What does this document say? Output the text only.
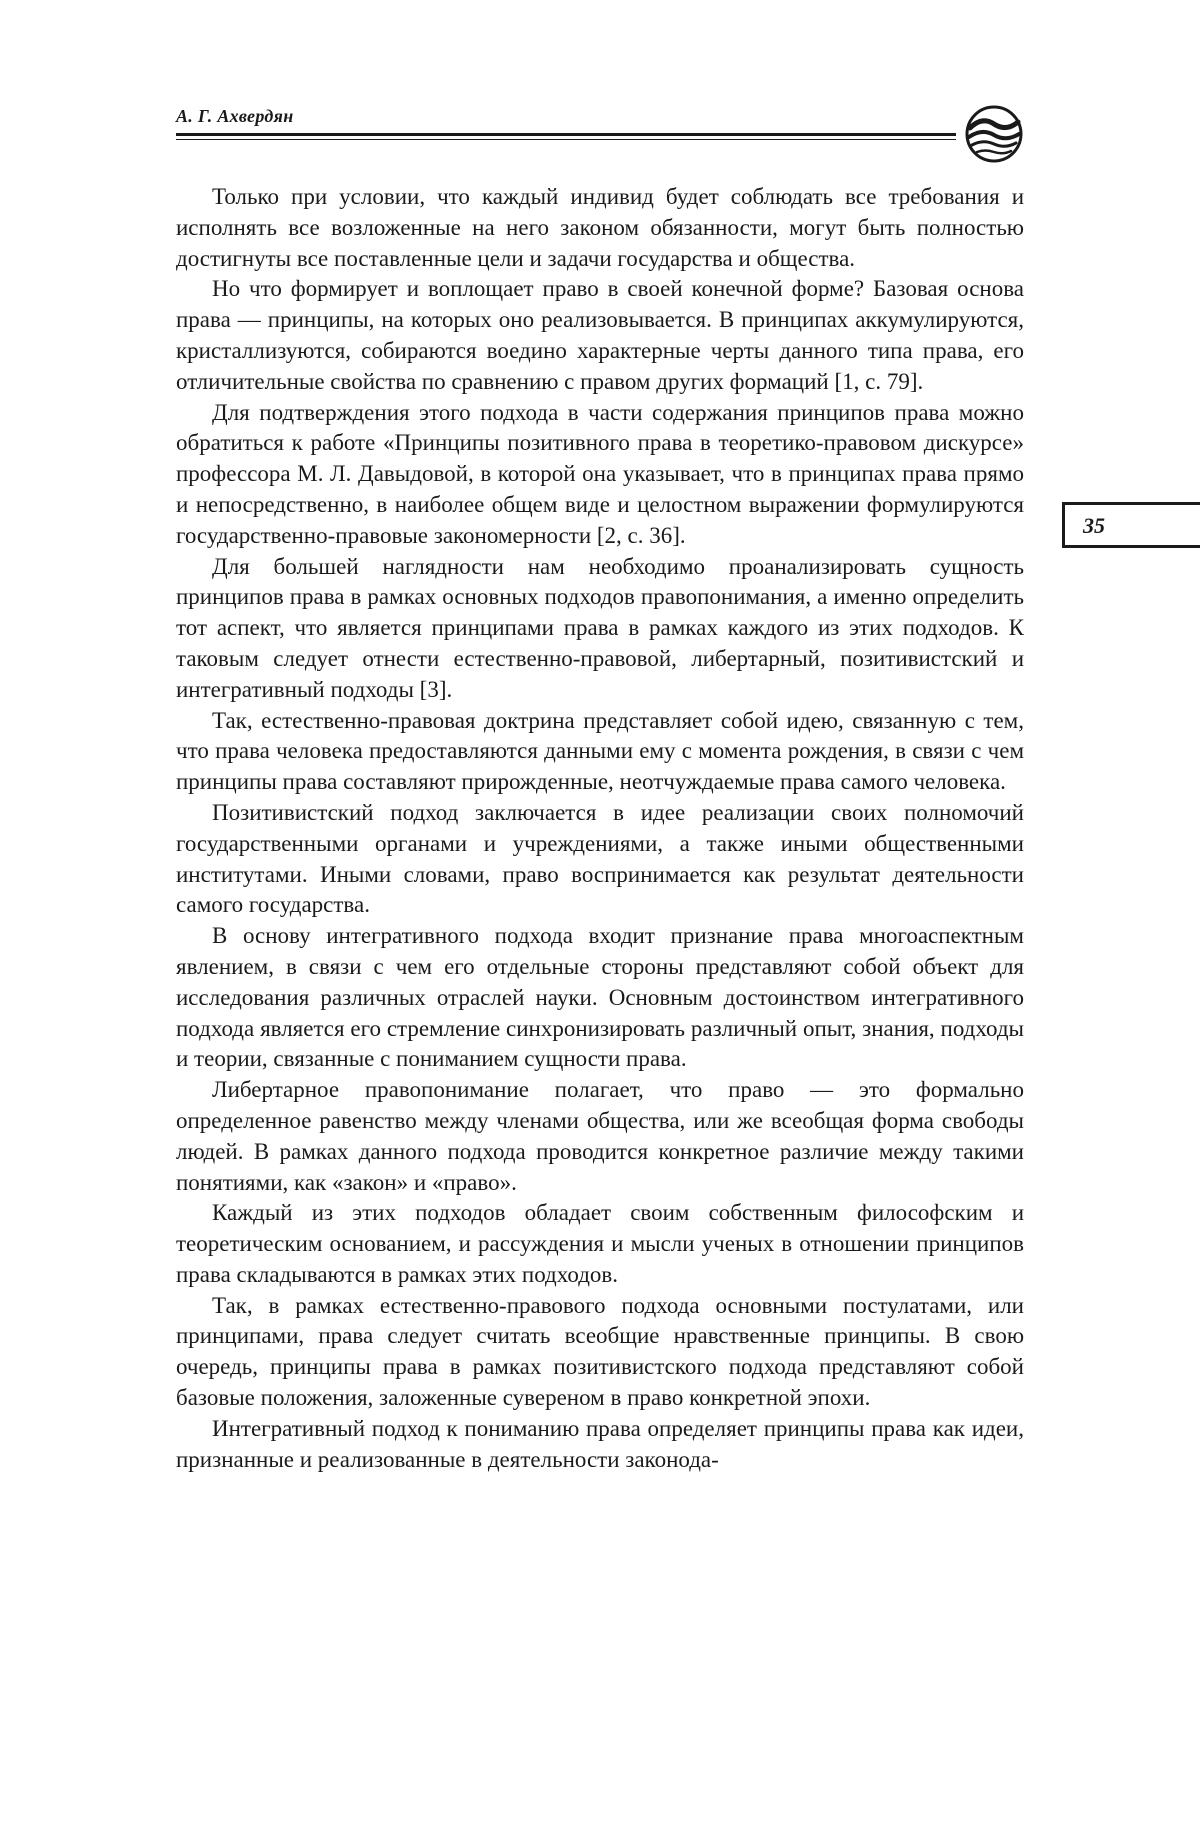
А. Г. Ахвердян
35

Только при условии, что каждый индивид будет соблюдать все требования и исполнять все возложенные на него законом обязанности, могут быть полностью достигнуты все поставленные цели и задачи государства и общества.

Но что формирует и воплощает право в своей конечной форме? Базовая основа права — принципы, на которых оно реализовывается. В принципах аккумулируются, кристаллизуются, собираются воедино характерные черты данного типа права, его отличительные свойства по сравнению с правом других формаций [1, с. 79].

Для подтверждения этого подхода в части содержания принципов права можно обратиться к работе «Принципы позитивного права в теоретико-правовом дискурсе» профессора М. Л. Давыдовой, в которой она указывает, что в принципах права прямо и непосредственно, в наиболее общем виде и целостном выражении формулируются государственно-правовые закономерности [2, с. 36].

Для большей наглядности нам необходимо проанализировать сущность принципов права в рамках основных подходов правопонимания, а именно определить тот аспект, что является принципами права в рамках каждого из этих подходов. К таковым следует отнести естественно-правовой, либертарный, позитивистский и интегративный подходы [3].

Так, естественно-правовая доктрина представляет собой идею, связанную с тем, что права человека предоставляются данными ему с момента рождения, в связи с чем принципы права составляют прирожденные, неотчуждаемые права самого человека.

Позитивистский подход заключается в идее реализации своих полномочий государственными органами и учреждениями, а также иными общественными институтами. Иными словами, право воспринимается как результат деятельности самого государства.

В основу интегративного подхода входит признание права многоаспектным явлением, в связи с чем его отдельные стороны представляют собой объект для исследования различных отраслей науки. Основным достоинством интегративного подхода является его стремление синхронизировать различный опыт, знания, подходы и теории, связанные с пониманием сущности права.

Либертарное правопонимание полагает, что право — это формально определенное равенство между членами общества, или же всеобщая форма свободы людей. В рамках данного подхода проводится конкретное различие между такими понятиями, как «закон» и «право».

Каждый из этих подходов обладает своим собственным философским и теоретическим основанием, и рассуждения и мысли ученых в отношении принципов права складываются в рамках этих подходов.

Так, в рамках естественно-правового подхода основными постулатами, или принципами, права следует считать всеобщие нравственные принципы. В свою очередь, принципы права в рамках позитивистского подхода представляют собой базовые положения, заложенные сувереном в право конкретной эпохи.

Интегративный подход к пониманию права определяет принципы права как идеи, признанные и реализованные в деятельности законода-
